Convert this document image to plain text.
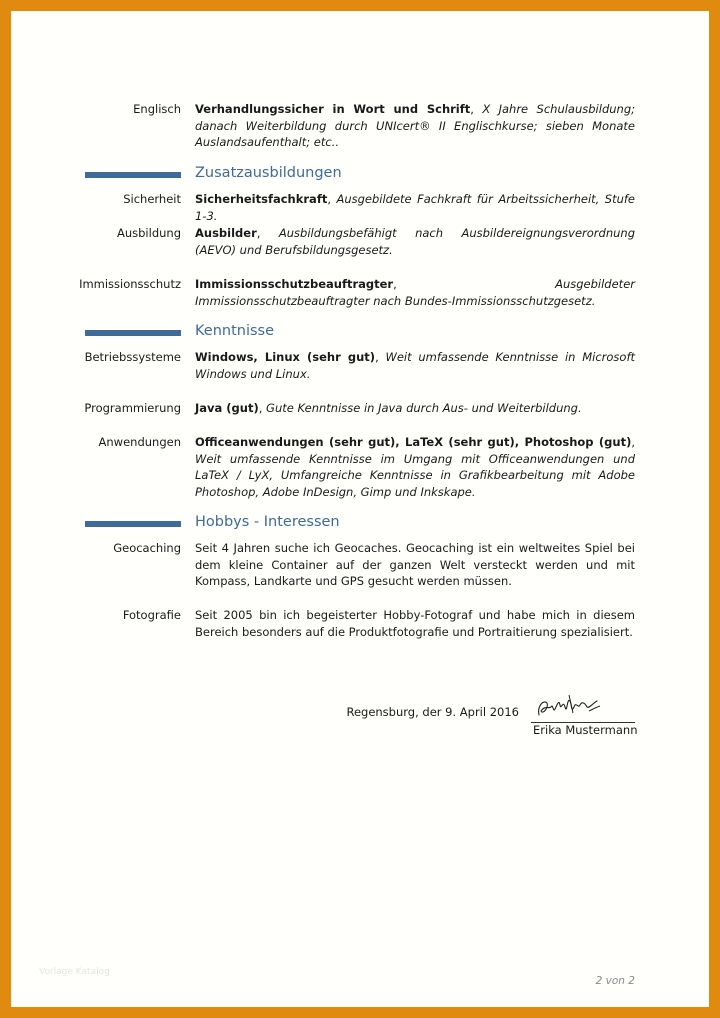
Englisch Verhandlungssicher in Wort und Schrift, X Jahre Schulausbildung; danach Weiterbildung durch UNIcert® II Englischkurse; sieben Monate Auslandsaufenthalt; etc..
Zusatzausbildungen
Sicherheit Sicherheitsfachkraft, Ausgebildete Fachkraft für Arbeitssicherheit, Stufe 1-3.
Ausbildung Ausbilder, Ausbildungsbefähigt nach Ausbildereignungsverordnung (AEVO) und Berufsbildungsgesetz.
Immissionsschutz Immissionsschutzbeauftragter, Ausgebildeter Immissionsschutzbeauftragter nach Bundes-Immissionsschutzgesetz.
Kenntnisse
Betriebssysteme Windows, Linux (sehr gut), Weit umfassende Kenntnisse in Microsoft Windows und Linux.
Programmierung Java (gut), Gute Kenntnisse in Java durch Aus- und Weiterbildung.
Anwendungen Officeanwendungen (sehr gut), LaTeX (sehr gut), Photoshop (gut), Weit umfassende Kenntnisse im Umgang mit Officeanwendungen und LaTeX / LyX, Umfangreiche Kenntnisse in Grafikbearbeitung mit Adobe Photoshop, Adobe InDesign, Gimp und Inkskape.
Hobbys - Interessen
Geocaching Seit 4 Jahren suche ich Geocaches. Geocaching ist ein weltweites Spiel bei dem kleine Container auf der ganzen Welt versteckt werden und mit Kompass, Landkarte und GPS gesucht werden müssen.
Fotografie Seit 2005 bin ich begeisterter Hobby-Fotograf und habe mich in diesem Bereich besonders auf die Produktfotografie und Portraitierung spezialisiert.
Regensburg, der 9. April 2016
Erika Mustermann
Vorlage Katalog
2 von 2
